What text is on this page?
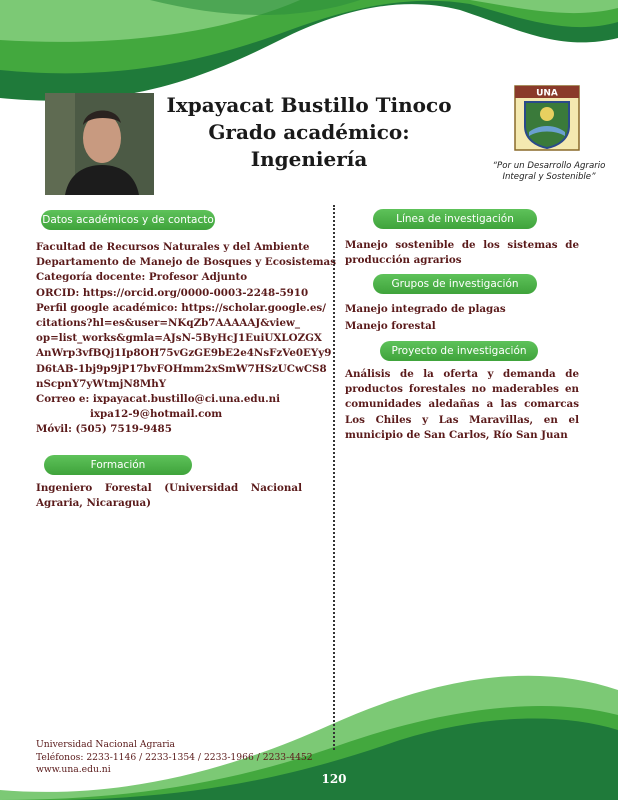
Ixpayacat Bustillo Tinoco
Grado académico: Ingeniería
UNA
“Por un Desarrollo Agrario
Integral y Sostenible”
Datos académicos y de contacto
Facultad de Recursos Naturales y del Ambiente
Departamento de Manejo de Bosques y Ecosistemas
Categoría docente: Profesor Adjunto
ORCID: https://orcid.org/0000-0003-2248-5910
Perfil google académico: https://scholar.google.es/
citations?hl=es&user=NKqZb7AAAAAJ&view_
op=list_works&gmla=AJsN-5ByHcJ1EuiUXLOZGX
AnWrp3vfBQj1Ip8OH75vGzGE9bE2e4NsFzVe0EYy9
D6tAB-1bj9p9jP17bvFOHmm2xSmW7HSzUCwCS8
nScpnY7yWtmjN8MhY
Correo e: ixpayacat.bustillo@ci.una.edu.ni
ixpa12-9@hotmail.com
Móvil: (505) 7519-9485
Formación
Ingeniero Forestal (Universidad Nacional Agraria, Nicaragua)
Línea de investigación
Manejo sostenible de los sistemas de producción agrarios
Grupos de investigación
Manejo integrado de plagas
Manejo forestal
Proyecto de investigación
Análisis de la oferta y demanda de productos forestales no maderables en comunidades aledañas a las comarcas Los Chiles y Las Maravillas, en el municipio de San Carlos, Río San Juan
Universidad Nacional Agraria
Teléfonos: 2233-1146 / 2233-1354 / 2233-1966 / 2233-4452
www.una.edu.ni
120
